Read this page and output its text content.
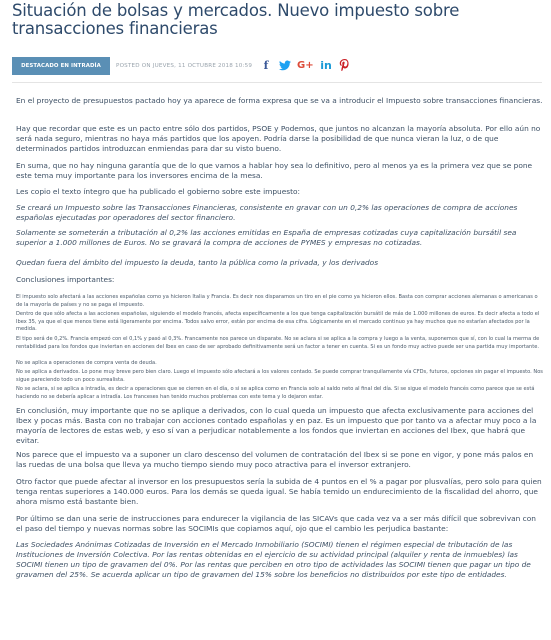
Situación de bolsas y mercados. Nuevo impuesto sobre transacciones financieras
DESTACADO EN INTRADÍA	POSTED ON JUEVES, 11 OCTUBRE 2018 10:59 f	G+ in

En el proyecto de presupuestos pactado hoy ya aparece de forma expresa que se va a introducir el Impuesto sobre transacciones financieras.

Hay que recordar que este es un pacto entre sólo dos partidos, PSOE y Podemos, que juntos no alcanzan la mayoría absoluta. Por ello aún no será nada seguro, mientras no haya más partidos que los apoyen. Podría darse la posibilidad de que nunca vieran la luz, o de que determinados partidos introduzcan enmiendas para dar su visto bueno.

En suma, que no hay ninguna garantía que de lo que vamos a hablar hoy sea lo definitivo, pero al menos ya es la primera vez que se pone este tema muy importante para los inversores encima de la mesa.

Les copio el texto íntegro que ha publicado el gobierno sobre este impuesto:

Se creará un Impuesto sobre las Transacciones Financieras, consistente en gravar con un 0,2% las operaciones de compra de acciones españolas ejecutadas por operadores del sector financiero.

Solamente se someterán a tributación al 0,2% las acciones emitidas en España de empresas cotizadas cuya capitalización bursátil sea superior a 1.000 millones de Euros. No se gravará la compra de acciones de PYMES y empresas no cotizadas.

Quedan fuera del ámbito del impuesto la deuda, tanto la pública como la privada, y los derivados

Conclusiones importantes:

El impuesto solo afectará a las acciones españolas como ya hicieron Italia y Francia. Es decir nos disparamos un tiro en el pie como ya hicieron ellos. Basta con comprar acciones alemanas o americanas o de la mayoría de países y no se paga el impuesto.

Dentro de que sólo afecta a las acciones españolas, siguiendo el modelo francés, afecta específicamente a los que tenga capitalización bursátil de más de 1.000 millones de euros. Es decir afecta a todo el Ibex 35, ya que el que menos tiene está ligeramente por encima. Todos salvo error, están por encima de esa cifra. Lógicamente en el mercado continuo ya hay muchos que no estarían afectados por la medida.

El tipo será de 0,2%. Francia empezó con el 0,1% y pasó al 0,3%. Francamente nos parece un disparate. No se aclara si se aplica a la compra y luego a la venta, suponemos que sí, con lo cual la merma de rentabilidad para los fondos que inviertan en acciones del Ibex en caso de ser aprobado definitivamente será un factor a tener en cuenta. Si es un fondo muy activo puede ser una partida muy importante.

No se aplica a operaciones de compra venta de deuda.

No se aplica a derivados. Lo pone muy breve pero bien claro. Luego el impuesto sólo afectará a los valores contado. Se puede comprar tranquilamente vía CFDs, futuros, opciones sin pagar el impuesto. Nos sigue pareciendo todo un poco surrealista.

No se aclara, si se aplica a intradía, es decir a operaciones que se cierren en el día, o si se aplica como en Francia solo al saldo neto al final del día. Si se sigue el modelo francés como parece que se está haciendo no se debería aplicar a intradía. Los franceses han tenido muchos problemas con este tema y lo dejaron estar.

En conclusión, muy importante que no se aplique a derivados, con lo cual queda un impuesto que afecta exclusivamente para acciones del Ibex y pocas más. Basta con no trabajar con acciones contado españolas y en paz. Es un impuesto que por tanto va a afectar muy poco a la mayoría de lectores de estas web, y eso sí van a perjudicar notablemente a los fondos que inviertan en acciones del Ibex, que habrá que evitar.

Nos parece que el impuesto va a suponer un claro descenso del volumen de contratación del Ibex si se pone en vigor, y pone más palos en las ruedas de una bolsa que lleva ya mucho tiempo siendo muy poco atractiva para el inversor extranjero.

Otro factor que puede afectar al inversor en los presupuestos sería la subida de 4 puntos en el % a pagar por plusvalías, pero solo para quien tenga rentas superiores a 140.000 euros. Para los demás se queda igual. Se había temido un endurecimiento de la fiscalidad del ahorro, que ahora mismo está bastante bien.

Por último se dan una serie de instrucciones para endurecer la vigilancia de las SICAVs que cada vez va a ser más difícil que sobrevivan con el paso del tiempo y nuevas normas sobre las SOCIMIs que copiamos aquí, ojo que el cambio les perjudica bastante:

Las Sociedades Anónimas Cotizadas de Inversión en el Mercado Inmobiliario (SOCIMI) tienen el régimen especial de tributación de las Instituciones de Inversión Colectiva. Por las rentas obtenidas en el ejercicio de su actividad principal (alquiler y renta de inmuebles) las SOCIMI tienen un tipo de gravamen del 0%. Por las rentas que perciben en otro tipo de actividades las SOCIMI tienen que pagar un tipo de gravamen del 25%. Se acuerda aplicar un tipo de gravamen del 15% sobre los beneficios no distribuidos por este tipo de entidades.
